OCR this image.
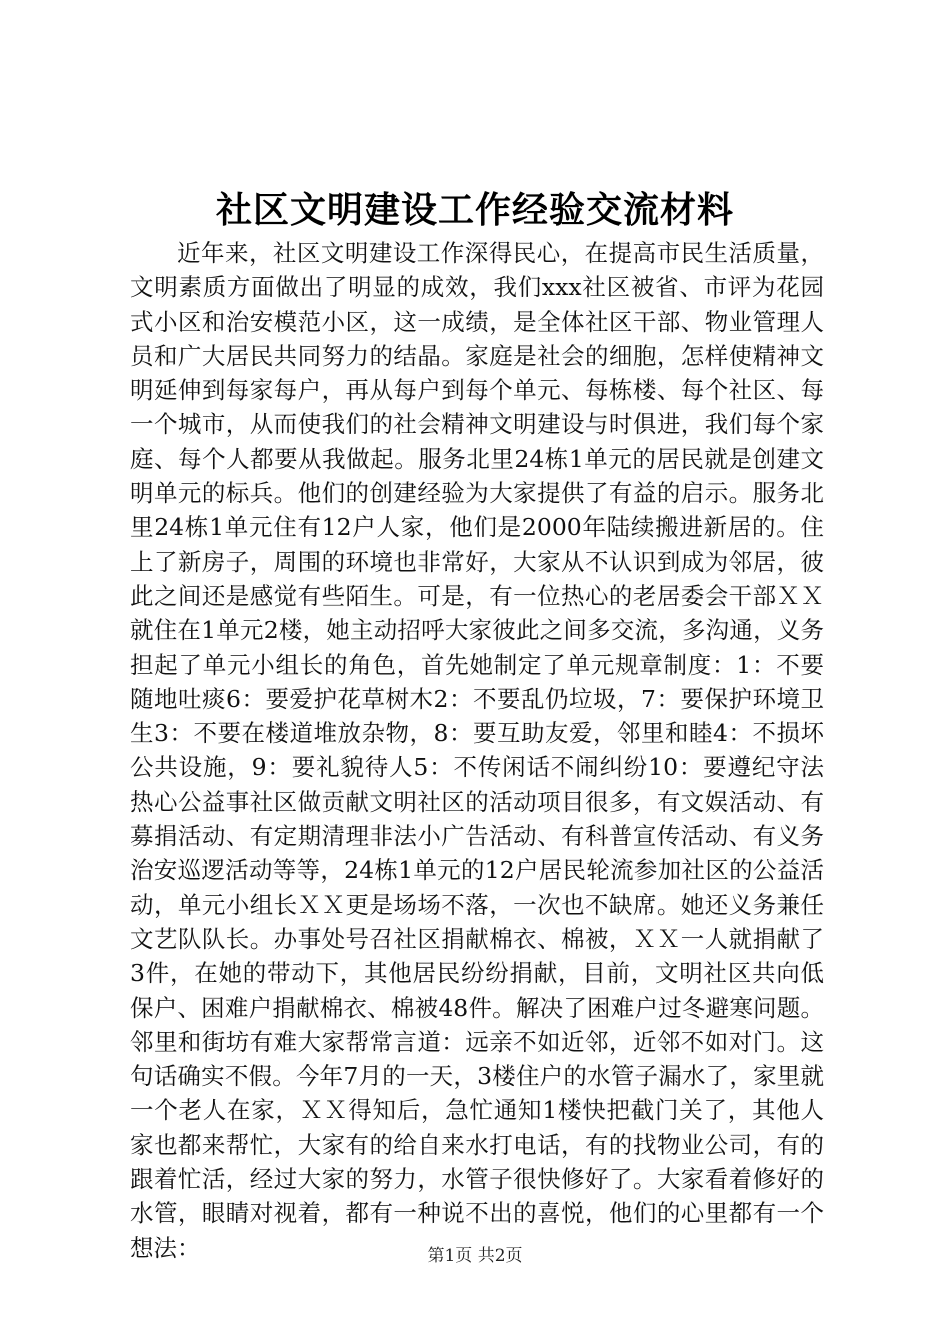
社区文明建设工作经验交流材料

近年来，社区文明建设工作深得民心，在提高市民生活质量，文明素质方面做出了明显的成效，我们xxx社区被省、市评为花园式小区和治安模范小区，这一成绩，是全体社区干部、物业管理人员和广大居民共同努力的结晶。家庭是社会的细胞，怎样使精神文明延伸到每家每户，再从每户到每个单元、每栋楼、每个社区、每一个城市，从而使我们的社会精神文明建设与时俱进，我们每个家庭、每个人都要从我做起。服务北里24栋1单元的居民就是创建文明单元的标兵。他们的创建经验为大家提供了有益的启示。服务北里24栋1单元住有12户人家，他们是2000年陆续搬进新居的。住上了新房子，周围的环境也非常好，大家从不认识到成为邻居，彼此之间还是感觉有些陌生。可是，有一位热心的老居委会干部ＸＸ就住在1单元2楼，她主动招呼大家彼此之间多交流，多沟通，义务担起了单元小组长的角色，首先她制定了单元规章制度：1：不要随地吐痰6：要爱护花草树木2：不要乱仍垃圾，7：要保护环境卫生3：不要在楼道堆放杂物，8：要互助友爱，邻里和睦4：不损坏公共设施，9：要礼貌待人5：不传闲话不闹纠纷10：要遵纪守法热心公益事社区做贡献文明社区的活动项目很多，有文娱活动、有募捐活动、有定期清理非法小广告活动、有科普宣传活动、有义务治安巡逻活动等等，24栋1单元的12户居民轮流参加社区的公益活动，单元小组长ＸＸ更是场场不落，一次也不缺席。她还义务兼任文艺队队长。办事处号召社区捐献棉衣、棉被，ＸＸ一人就捐献了3件，在她的带动下，其他居民纷纷捐献，目前，文明社区共向低保户、困难户捐献棉衣、棉被48件。解决了困难户过冬避寒问题。邻里和街坊有难大家帮常言道：远亲不如近邻，近邻不如对门。这句话确实不假。今年7月的一天，3楼住户的水管子漏水了，家里就一个老人在家，ＸＸ得知后，急忙通知1楼快把截门关了，其他人家也都来帮忙，大家有的给自来水打电话，有的找物业公司，有的跟着忙活，经过大家的努力，水管子很快修好了。大家看着修好的水管，眼睛对视着，都有一种说不出的喜悦，他们的心里都有一个想法：	第1页 共2页
